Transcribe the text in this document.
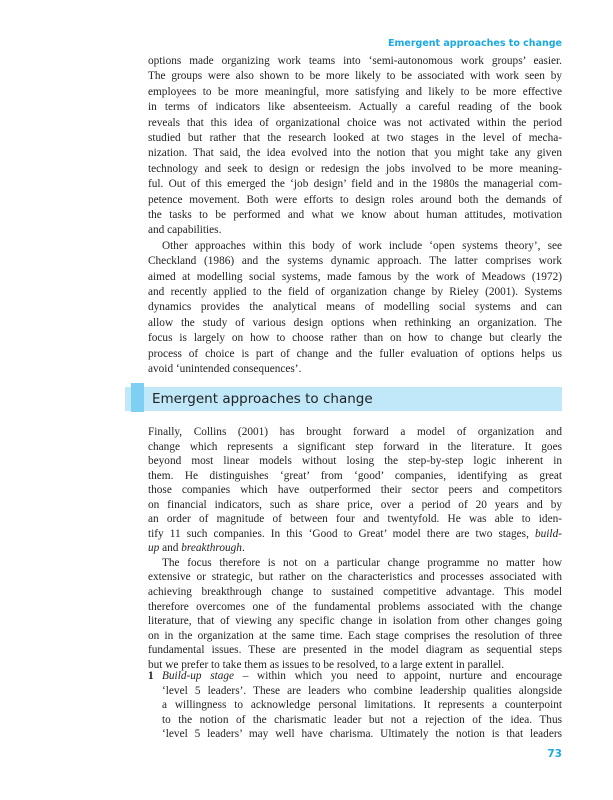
Emergent approaches to change
options made organizing work teams into ‘semi-autonomous work groups’ easier.
The groups were also shown to be more likely to be associated with work seen by
employees to be more meaningful, more satisfying and likely to be more effective
in terms of indicators like absenteeism. Actually a careful reading of the book
reveals that this idea of organizational choice was not activated within the period
studied but rather that the research looked at two stages in the level of mecha-
nization. That said, the idea evolved into the notion that you might take any given
technology and seek to design or redesign the jobs involved to be more meaning-
ful. Out of this emerged the ‘job design’ field and in the 1980s the managerial com-
petence movement. Both were efforts to design roles around both the demands of
the tasks to be performed and what we know about human attitudes, motivation
and capabilities.
Other approaches within this body of work include ‘open systems theory’, see
Checkland (1986) and the systems dynamic approach. The latter comprises work
aimed at modelling social systems, made famous by the work of Meadows (1972)
and recently applied to the field of organization change by Rieley (2001). Systems
dynamics provides the analytical means of modelling social systems and can
allow the study of various design options when rethinking an organization. The
focus is largely on how to choose rather than on how to change but clearly the
process of choice is part of change and the fuller evaluation of options helps us
avoid ‘unintended consequences’.
Emergent approaches to change
Finally, Collins (2001) has brought forward a model of organization and
change which represents a significant step forward in the literature. It goes
beyond most linear models without losing the step-by-step logic inherent in
them. He distinguishes ‘great’ from ‘good’ companies, identifying as great
those companies which have outperformed their sector peers and competitors
on financial indicators, such as share price, over a period of 20 years and by
an order of magnitude of between four and twentyfold. He was able to iden-
tify 11 such companies. In this ‘Good to Great’ model there are two stages, build-
up and breakthrough.
The focus therefore is not on a particular change programme no matter how
extensive or strategic, but rather on the characteristics and processes associated with
achieving breakthrough change to sustained competitive advantage. This model
therefore overcomes one of the fundamental problems associated with the change
literature, that of viewing any specific change in isolation from other changes going
on in the organization at the same time. Each stage comprises the resolution of three
fundamental issues. These are presented in the model diagram as sequential steps
but we prefer to take them as issues to be resolved, to a large extent in parallel.
1 Build-up stage – within which you need to appoint, nurture and encourage
‘level 5 leaders’. These are leaders who combine leadership qualities alongside
a willingness to acknowledge personal limitations. It represents a counterpoint
to the notion of the charismatic leader but not a rejection of the idea. Thus
‘level 5 leaders’ may well have charisma. Ultimately the notion is that leaders
73
